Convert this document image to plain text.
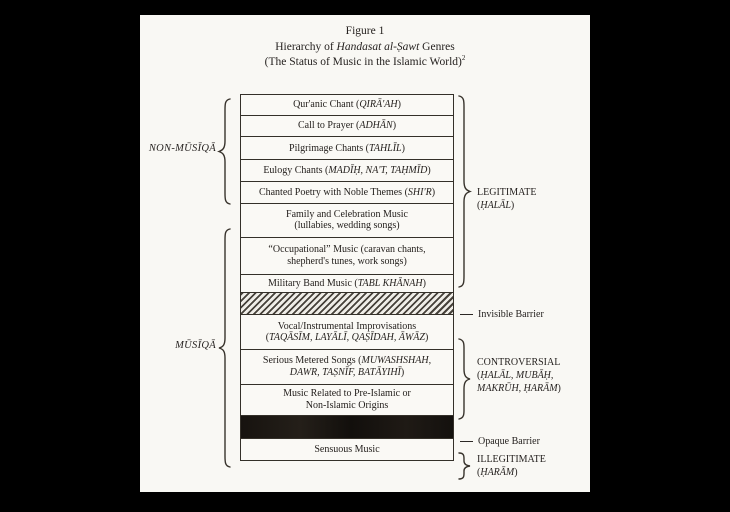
Figure 1
Hierarchy of Handasat al-Ṣawt Genres
(The Status of Music in the Islamic World)$^2$
Qur'anic Chant (QIRĀ'AH)
Call to Prayer (ADHĀN)
Pilgrimage Chants (TAHLĪL)
Eulogy Chants (MADĪḤ, NA'T, TAḤMĪD)
Chanted Poetry with Noble Themes (SHI'R)
Family and Celebration Music
(lullabies, wedding songs)
“Occupational” Music (caravan chants,
shepherd's tunes, work songs)
Military Band Music (TABL KHĀNAH)
Vocal/Instrumental Improvisations
(TAQĀSĪM, LAYĀLĪ, QAṢĪDAH, ĀWĀZ)
Serious Metered Songs (MUWASHSHAH,
DAWR, TAṢNĪF, BATĀYIHĪ)
Music Related to Pre-Islamic or
Non-Islamic Origins
Sensuous Music
NON-MŪSĪQĀ
MŪSĪQĀ
LEGITIMATE
(ḤALĀL)
Invisible Barrier
CONTROVERSIAL
(ḤALĀL, MUBĀḤ,
MAKRŪH, ḤARĀM)
Opaque Barrier
ILLEGITIMATE
(ḤARĀM)
